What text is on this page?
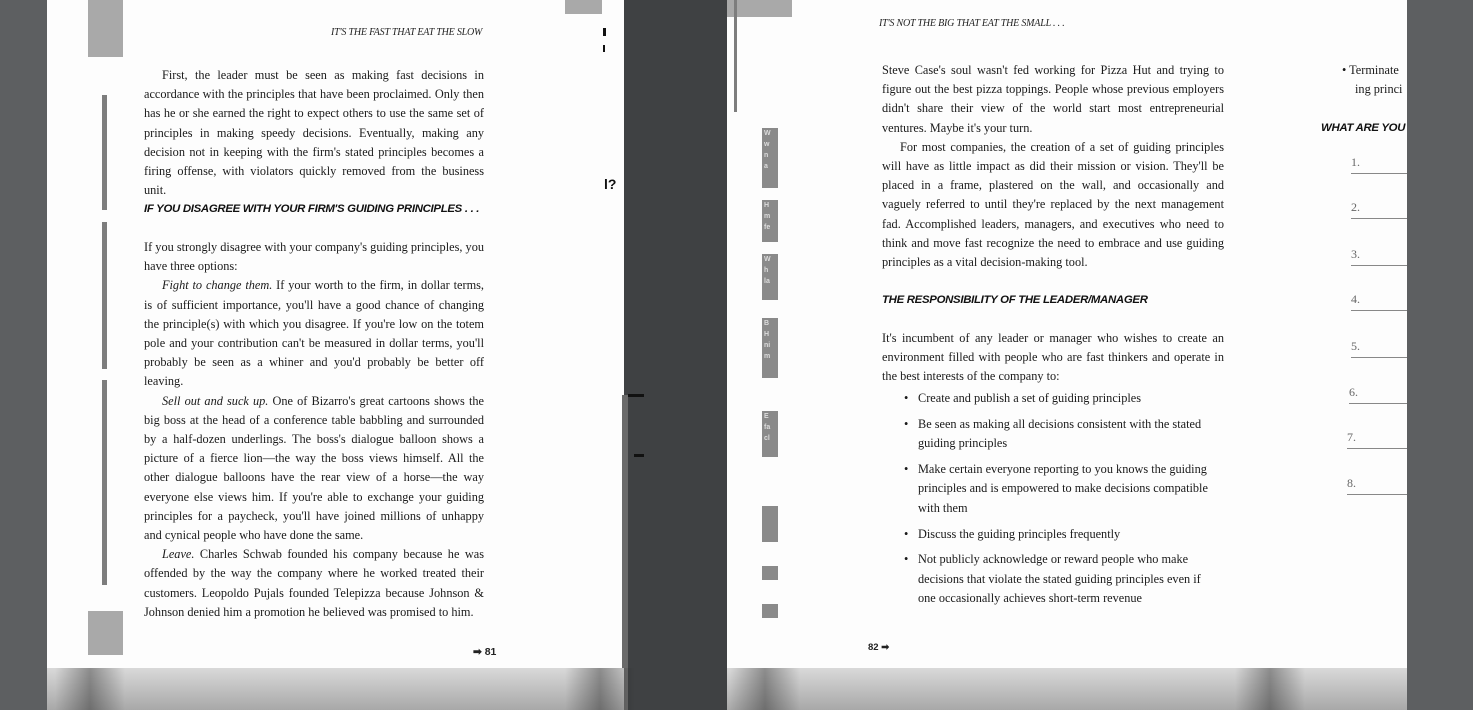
IT'S THE FAST THAT EAT THE SLOW

First, the leader must be seen as making fast decisions in accordance with the principles that have been proclaimed. Only then has he or she earned the right to expect others to use the same set of principles in making speedy decisions. Eventually, making any decision not in keeping with the firm's stated principles becomes a firing offense, with violators quickly removed from the business unit.

IF YOU DISAGREE WITH YOUR FIRM'S GUIDING PRINCIPLES . . .

If you strongly disagree with your company's guiding principles, you have three options:

Fight to change them. If your worth to the firm, in dollar terms, is of sufficient importance, you'll have a good chance of changing the principle(s) with which you disagree. If you're low on the totem pole and your contribution can't be measured in dollar terms, you'll probably be seen as a whiner and you'd probably be better off leaving.

Sell out and suck up. One of Bizarro's great cartoons shows the big boss at the head of a conference table babbling and surrounded by a half-dozen underlings. The boss's dialogue balloon shows a picture of a fierce lion—the way the boss views himself. All the other dialogue balloons have the rear view of a horse—the way everyone else views him. If you're able to exchange your guiding principles for a paycheck, you'll have joined millions of unhappy and cynical people who have done the same.

Leave. Charles Schwab founded his company because he was offended by the way the company where he worked treated their customers. Leopoldo Pujals founded Telepizza because Johnson & Johnson denied him a promotion he believed was promised to him.

➡ 81
l?
W
w
n
a
H
m
fe
W
h
la
B
H
ni
m
E
fa
cl
IT'S NOT THE BIG THAT EAT THE SMALL . . .

Steve Case's soul wasn't fed working for Pizza Hut and trying to figure out the best pizza toppings. People whose previous employers didn't share their view of the world start most entrepreneurial ventures. Maybe it's your turn.

For most companies, the creation of a set of guiding principles will have as little impact as did their mission or vision. They'll be placed in a frame, plastered on the wall, and occasionally and vaguely referred to until they're replaced by the next management fad. Accomplished leaders, managers, and executives who need to think and move fast recognize the need to embrace and use guiding principles as a vital decision-making tool.

THE RESPONSIBILITY OF THE LEADER/MANAGER

It's incumbent of any leader or manager who wishes to create an environment filled with people who are fast thinkers and operate in the best interests of the company to:

• Create and publish a set of guiding principles
• Be seen as making all decisions consistent with the stated guiding principles
• Make certain everyone reporting to you knows the guiding principles and is empowered to make decisions compatible with them
• Discuss the guiding principles frequently
• Not publicly acknowledge or reward people who make decisions that violate the stated guiding principles even if one occasionally achieves short-term revenue
82 ➡
• Terminate
ing princi
WHAT ARE YOU
1.
2.
3.
4.
5.
6.
7.
8.
